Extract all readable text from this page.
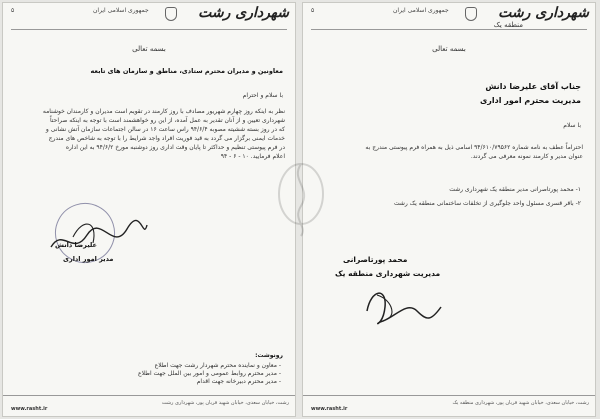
شهرداری رشت
جمهوری اسلامی ایران
۵
بسمه تعالی
معاونین و مدیران محترم ستادی، مناطق و سازمان های تابعه
با سلام و احترام
نظر به اینکه روز چهارم شهریور مصادف با روز کارمند در تقویم است مدیران و کارمندان خوشنامه
شهرداری تعیین و از آنان تقدیر به عمل آمده، از این رو خواهشمند است با توجه به اینکه صراحتاً
که در روز بسته ششیته مصوبه ۹۴/۶/۴ راس ساعت ۱۶ در سالن اجتماعات سازمان آتش نشانی و
خدمات ایمنی برگزار می گردد به قید فوریت افراد واجد شرایط را با توجه به شاخص های مندرج
در فرم پیوستی تنظیم و حداکثر تا پایان وقت اداری روز دوشنبه مورخ ۹۴/۶/۲ به این اداره
اعلام فرمایید. ۱۰ - ۶ - ۹۴
علیرضا دانش
مدیر امور اداری
رونوشت:
- معاون و نماینده محترم شهردار رشت جهت اطلاع
- مدیر محترم روابط عمومی و امور بین الملل جهت اطلاع
- مدیر محترم دبیرخانه جهت اقدام
رشت، خیابان سعدی، خیابان شهید قربان پور، شهرداری رشت
www.rasht.ir
شهرداری رشت
منطقه یک
جمهوری اسلامی ایران
۵
بسمه تعالی
جناب آقای علیرضا دانش
مدیریت محترم امور اداری
با سلام
احتراماً عطف به نامه شماره ۹۴/۶۱۰/۷۹۵۶۲ اسامی ذیل به همراه فرم پیوستی مندرج به
عنوان مدیر و کارمند نمونه معرفی می گردند.
۱- محمد پورتاصرانی مدیر منطقه یک شهرداری رشت
۲- باقر قسری مسئول واحد جلوگیری از تخلفات ساختمانی منطقه یک رشت
محمد پورتاصرانی
مدیریت شهرداری منطقه یک
رشت، خیابان سعدی، خیابان شهید قربان پور، شهرداری منطقه یک
www.rasht.ir
